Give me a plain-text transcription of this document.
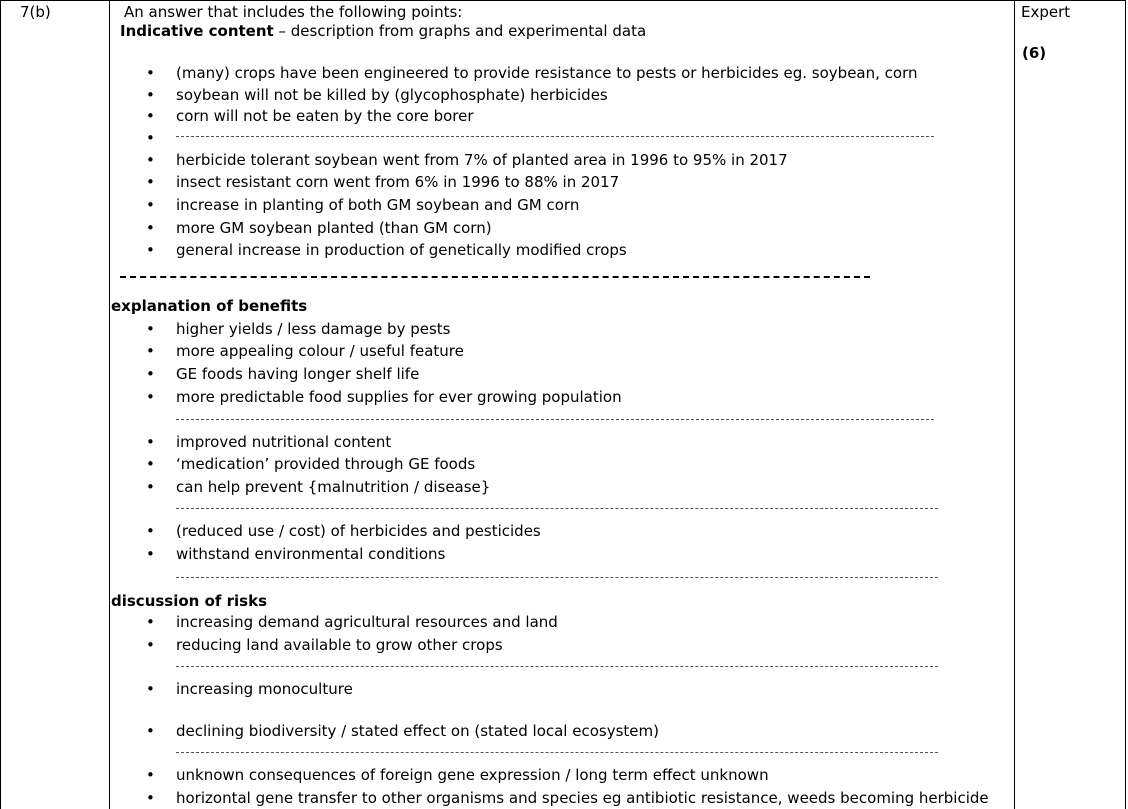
7(b)	An answer that includes the following points:
Indicative content – description from graphs and experimental data
Expert
(6)
• (many) crops have been engineered to provide resistance to pests or herbicides eg. soybean, corn
• soybean will not be killed by (glycophosphate) herbicides
• corn will not be eaten by the core borer
•
• herbicide tolerant soybean went from 7% of planted area in 1996 to 95% in 2017
• insect resistant corn went from 6% in 1996 to 88% in 2017
• increase in planting of both GM soybean and GM corn
• more GM soybean planted (than GM corn)
• general increase in production of genetically modified crops
• higher yields / less damage by pests
• more appealing colour / useful feature
• GE foods having longer shelf life
• more predictable food supplies for ever growing population
• improved nutritional content
• ‘medication’ provided through GE foods
• can help prevent {malnutrition / disease}
• (reduced use / cost) of herbicides and pesticides
• withstand environmental conditions
• increasing demand agricultural resources and land
• reducing land available to grow other crops
• increasing monoculture
• declining biodiversity / stated effect on (stated local ecosystem)
• unknown consequences of foreign gene expression / long term effect unknown
• horizontal gene transfer to other organisms and species eg antibiotic resistance, weeds becoming herbicide
explanation of benefits
discussion of risks
